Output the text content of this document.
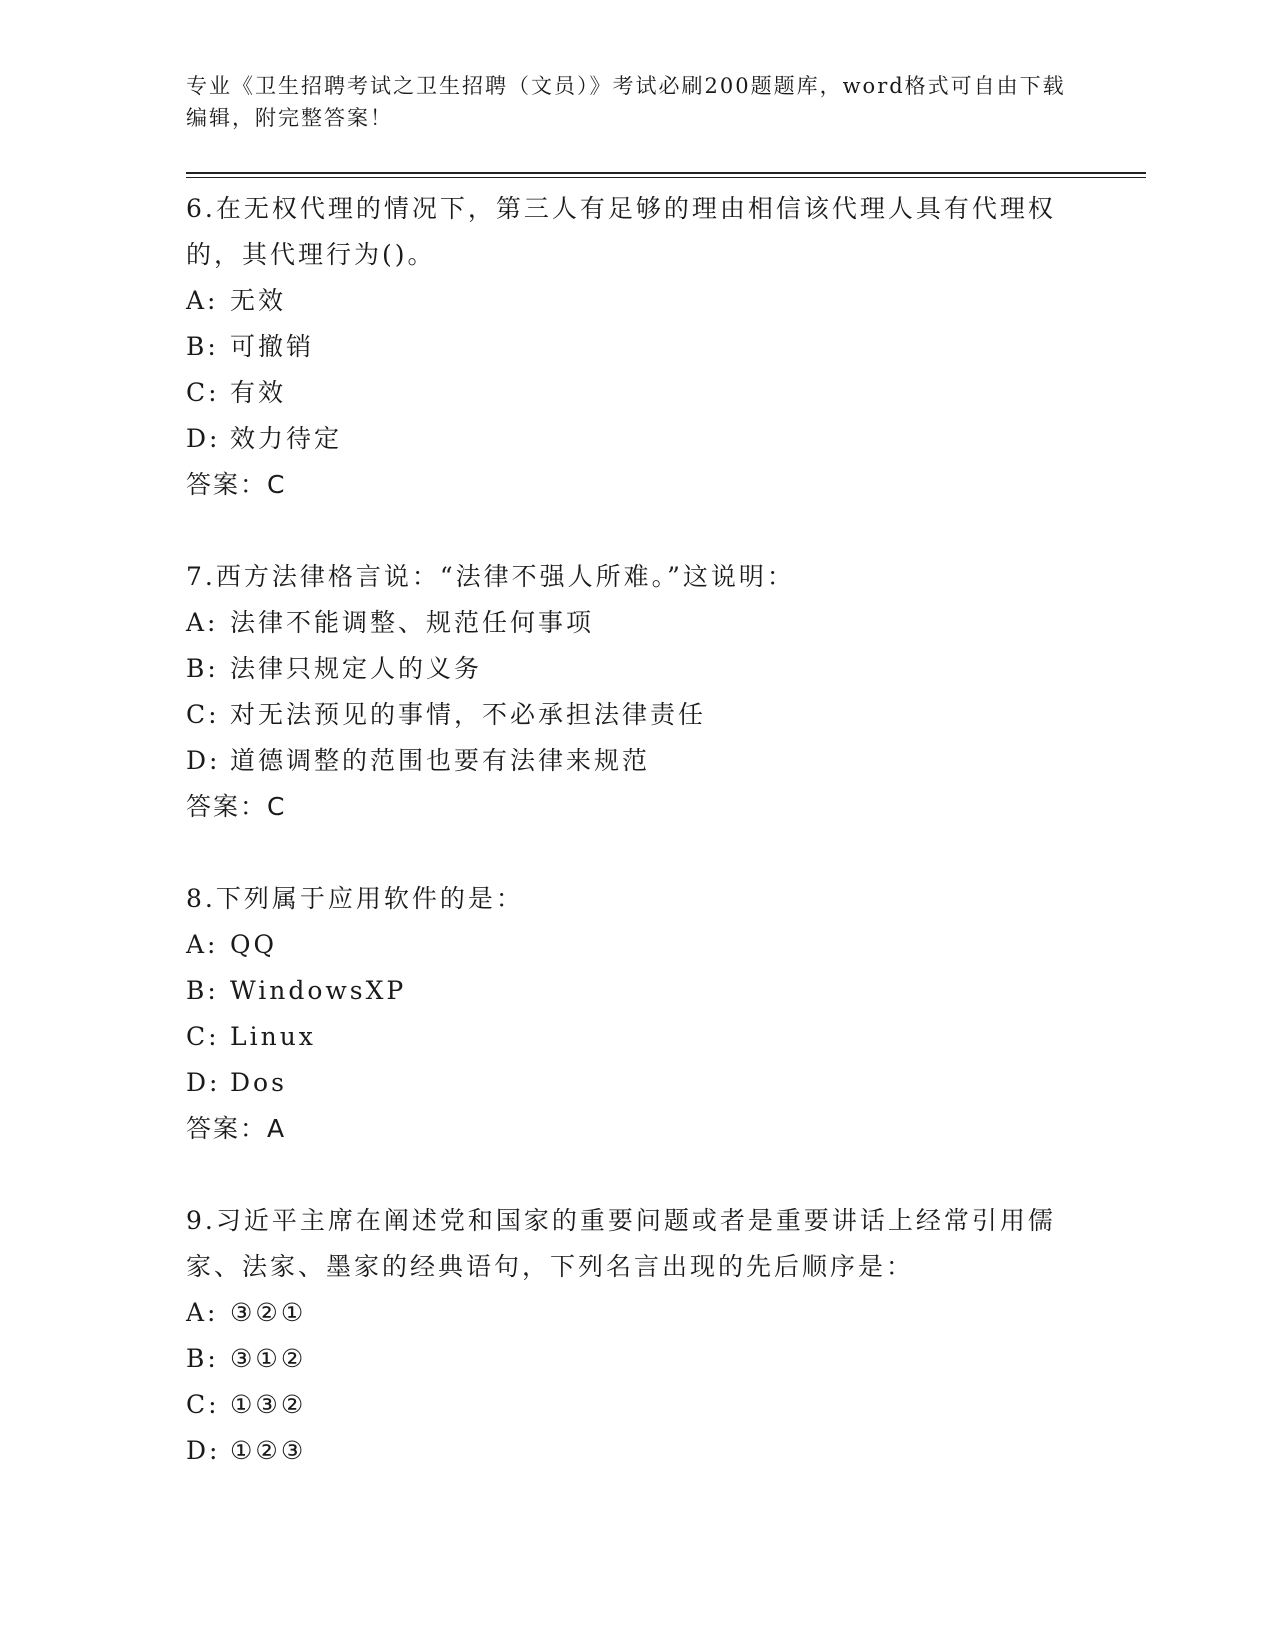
专业《卫生招聘考试之卫生招聘（文员）》考试必刷200题题库，word格式可自由下载编辑，附完整答案！
6.在无权代理的情况下，第三人有足够的理由相信该代理人具有代理权的，其代理行为()。
A: 无效
B: 可撤销
C: 有效
D: 效力待定
答案：C
7.西方法律格言说：“法律不强人所难。”这说明：
A: 法律不能调整、规范任何事项
B: 法律只规定人的义务
C: 对无法预见的事情，不必承担法律责任
D: 道德调整的范围也要有法律来规范
答案：C
8.下列属于应用软件的是：
A: QQ
B: WindowsXP
C: Linux
D: Dos
答案：A
9.习近平主席在阐述党和国家的重要问题或者是重要讲话上经常引用儒家、法家、墨家的经典语句，下列名言出现的先后顺序是：
A: ③②①
B: ③①②
C: ①③②
D: ①②③
